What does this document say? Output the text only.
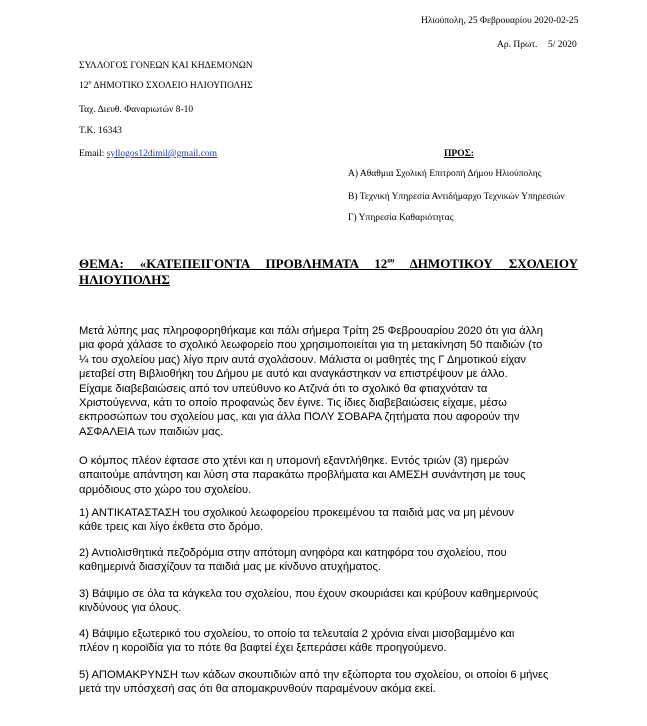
Ηλιούπολη, 25 Φεβρουαρίου 2020-02-25
Αρ. Πρωτ. 5/ 2020
ΣΥΛΛΟΓΟΣ ΓΟΝΕΩΝ ΚΑΙ ΚΗΔΕΜΟΝΩΝ
$12^o$ ΔΗΜΟΤΙΚΟ ΣΧΟΛΕΙΟ ΗΛΙΟΥΠΟΛΗΣ
Ταχ. Διευθ. Φαναριωτών 8-10
Τ.Κ. 16343
Email: syllogos12dimil@gmail.com	ΠΡΟΣ:
Α) Αθαθμια Σχολική Επιτροπή Δήμου Ηλιούπολης
Β) Τεχνική Υπηρεσία Αντιδήμαρχο Τεχνικών Υπηρεσιών
Γ) Υπηρεσία Καθαριότητας
ΘΕΜΑ: «ΚΑΤΕΠΕΙΓΟΝΤΑ ΠΡΟΒΛΗΜΑΤΑ $12^{o\upsilon}$ ΔΗΜΟΤΙΚΟΥ ΣΧΟΛΕΙΟΥ
ΗΛΙΟΥΠΟΛΗΣ
Μετά λύπης μας πληροφορηθήκαμε και πάλι σήμερα Τρίτη 25 Φεβρουαρίου 2020 ότι για άλλη
μια φορά χάλασε το σχολικό λεωφορείο που χρησιμοποιείται για τη μετακίνηση 50 παιδιών (το
¼ του σχολείου μας) λίγο πριν αυτά σχολάσουν. Μάλιστα οι μαθητές της Γ Δημοτικού είχαν
μεταβεί στη Βιβλιοθήκη του Δήμου με αυτό και αναγκάστηκαν να επιστρέψουν με άλλο.
Είχαμε διαβεβαιώσεις από τον υπεύθυνο κο Ατζινά ότι το σχολικό θα φτιαχνόταν τα
Χριστούγεννα, κάτι το οποίο προφανώς δεν έγινε. Τις ίδιες διαβεβαιώσεις είχαμε, μέσω
εκπροσώπων του σχολείου μας, και για άλλα ΠΟΛΥ ΣΟΒΑΡΑ ζητήματα που αφορούν την
ΑΣΦΑΛΕΙΑ των παιδιών μας.
Ο κόμπος πλέον έφτασε στο χτένι και η υπομονή εξαντλήθηκε. Εντός τριών (3) ημερών
απαιτούμε απάντηση και λύση στα παρακάτω προβλήματα και ΑΜΕΣΗ συνάντηση με τους
αρμόδιους στο χώρο του σχολείου.
1) ΑΝΤΙΚΑΤΑΣΤΑΣΗ του σχολικού λεωφορείου προκειμένου τα παιδιά μας να μη μένουν
κάθε τρεις και λίγο έκθετα στο δρόμο.
2) Αντιολισθητικά πεζοδρόμια στην απότομη ανηφόρα και κατηφόρα του σχολείου, που
καθημερινά διασχίζουν τα παιδιά μας με κίνδυνο ατυχήματος.
3) Βάψιμο σε όλα τα κάγκελα του σχολείου, που έχουν σκουριάσει και κρύβουν καθημερινούς
κινδύνους για όλους.
4) Βάψιμο εξωτερικό του σχολείου, το οποίο τα τελευταία 2 χρόνια είναι μισοβαμμένο και
πλέον η κοροϊδία για το πότε θα βαφτεί έχει ξεπεράσει κάθε προηγούμενο.
5) ΑΠΟΜΑΚΡΥΝΣΗ των κάδων σκουπιδιών από την εξώπορτα του σχολείου, οι οποίοι 6 μήνες
μετά την υπόσχεσή σας ότι θα απομακρυνθούν παραμένουν ακόμα εκεί.
